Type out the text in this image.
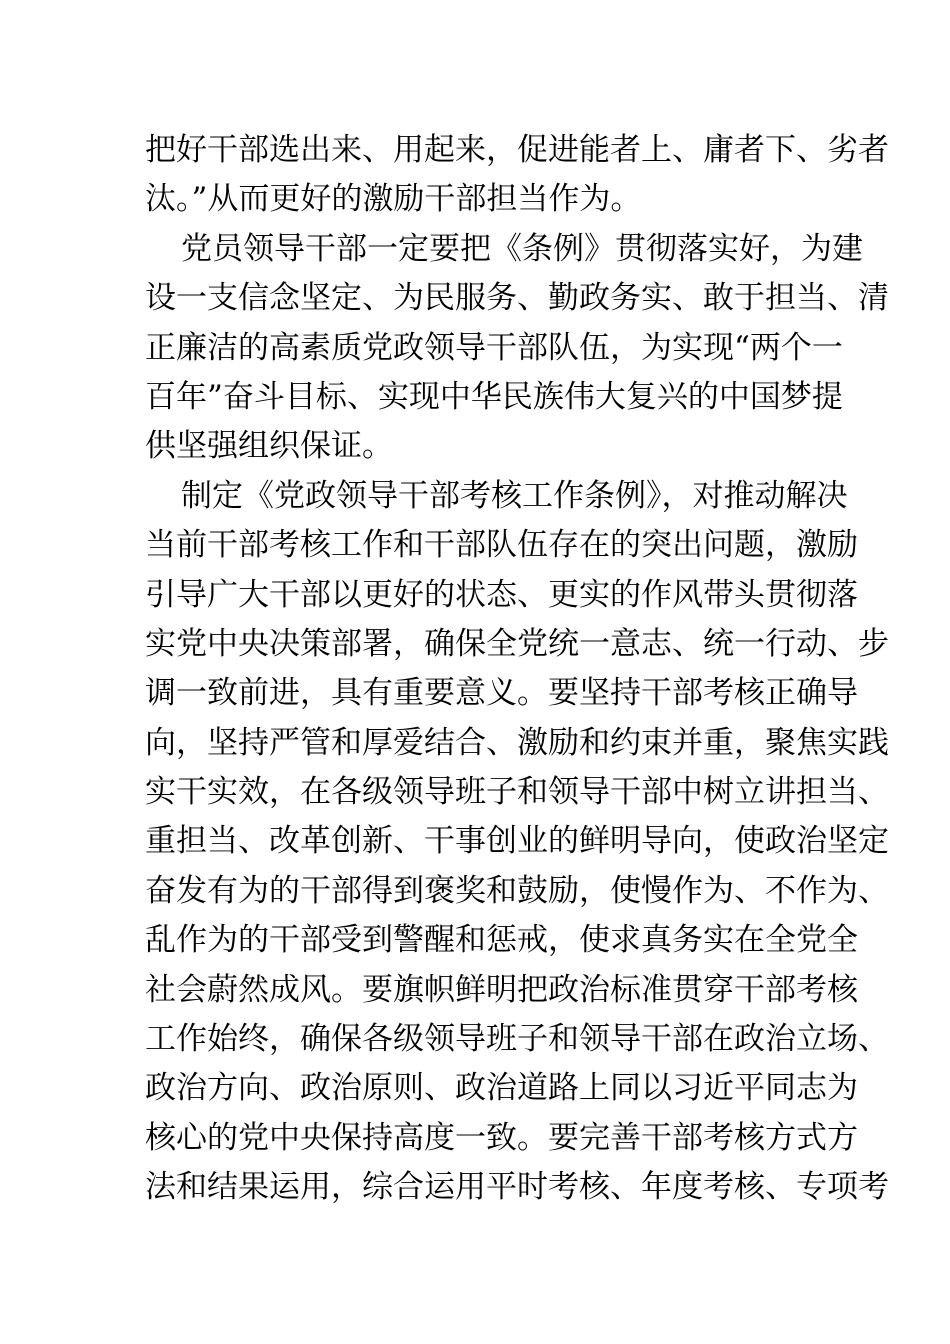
把好干部选出来、用起来，促进能者上、庸者下、劣者
汰。”从而更好的激励干部担当作为。
党员领导干部一定要把《条例》贯彻落实好，为建
设一支信念坚定、为民服务、勤政务实、敢于担当、清
正廉洁的高素质党政领导干部队伍，为实现“两个一
百年”奋斗目标、实现中华民族伟大复兴的中国梦提
供坚强组织保证。
制定《党政领导干部考核工作条例》，对推动解决
当前干部考核工作和干部队伍存在的突出问题，激励
引导广大干部以更好的状态、更实的作风带头贯彻落
实党中央决策部署，确保全党统一意志、统一行动、步
调一致前进，具有重要意义。要坚持干部考核正确导
向，坚持严管和厚爱结合、激励和约束并重，聚焦实践
实干实效，在各级领导班子和领导干部中树立讲担当、
重担当、改革创新、干事创业的鲜明导向，使政治坚定
奋发有为的干部得到褒奖和鼓励，使慢作为、不作为、
乱作为的干部受到警醒和惩戒，使求真务实在全党全
社会蔚然成风。要旗帜鲜明把政治标准贯穿干部考核
工作始终，确保各级领导班子和领导干部在政治立场、
政治方向、政治原则、政治道路上同以习近平同志为
核心的党中央保持高度一致。要完善干部考核方式方
法和结果运用，综合运用平时考核、年度考核、专项考
